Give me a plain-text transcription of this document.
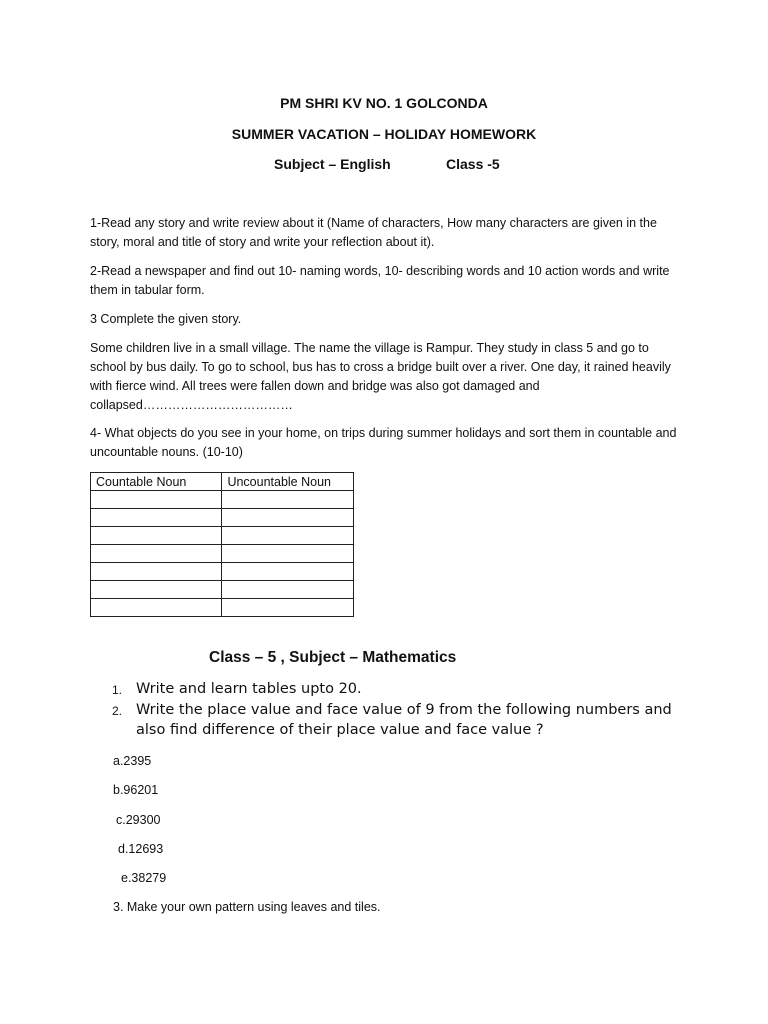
PM SHRI KV NO. 1 GOLCONDA
SUMMER VACATION – HOLIDAY HOMEWORK
Subject – English	Class -5
1-Read any story and write review about it (Name of characters, How many characters are given in the story, moral and title of story and write your reflection about it).
2-Read a newspaper and find out 10- naming words, 10- describing words and 10 action words and write them in tabular form.
3 Complete the given story.
Some children live in a small village. The name the village is Rampur. They study in class 5 and go to school by bus daily. To go to school, bus has to cross a bridge built over a river. One day, it rained heavily with fierce wind. All trees were fallen down and bridge was also got damaged and collapsed………………………………
4- What objects do you see in your home, on trips during summer holidays and sort them in countable and uncountable nouns. (10-10)
Countable Noun	Uncountable Noun

Class – 5 , Subject – Mathematics
1. Write and learn tables upto 20.
2. Write the place value and face value of 9 from the following numbers and also find difference of their place value and face value ?
a.2395
b.96201
c.29300
d.12693
e.38279
3. Make your own pattern using leaves and tiles.
